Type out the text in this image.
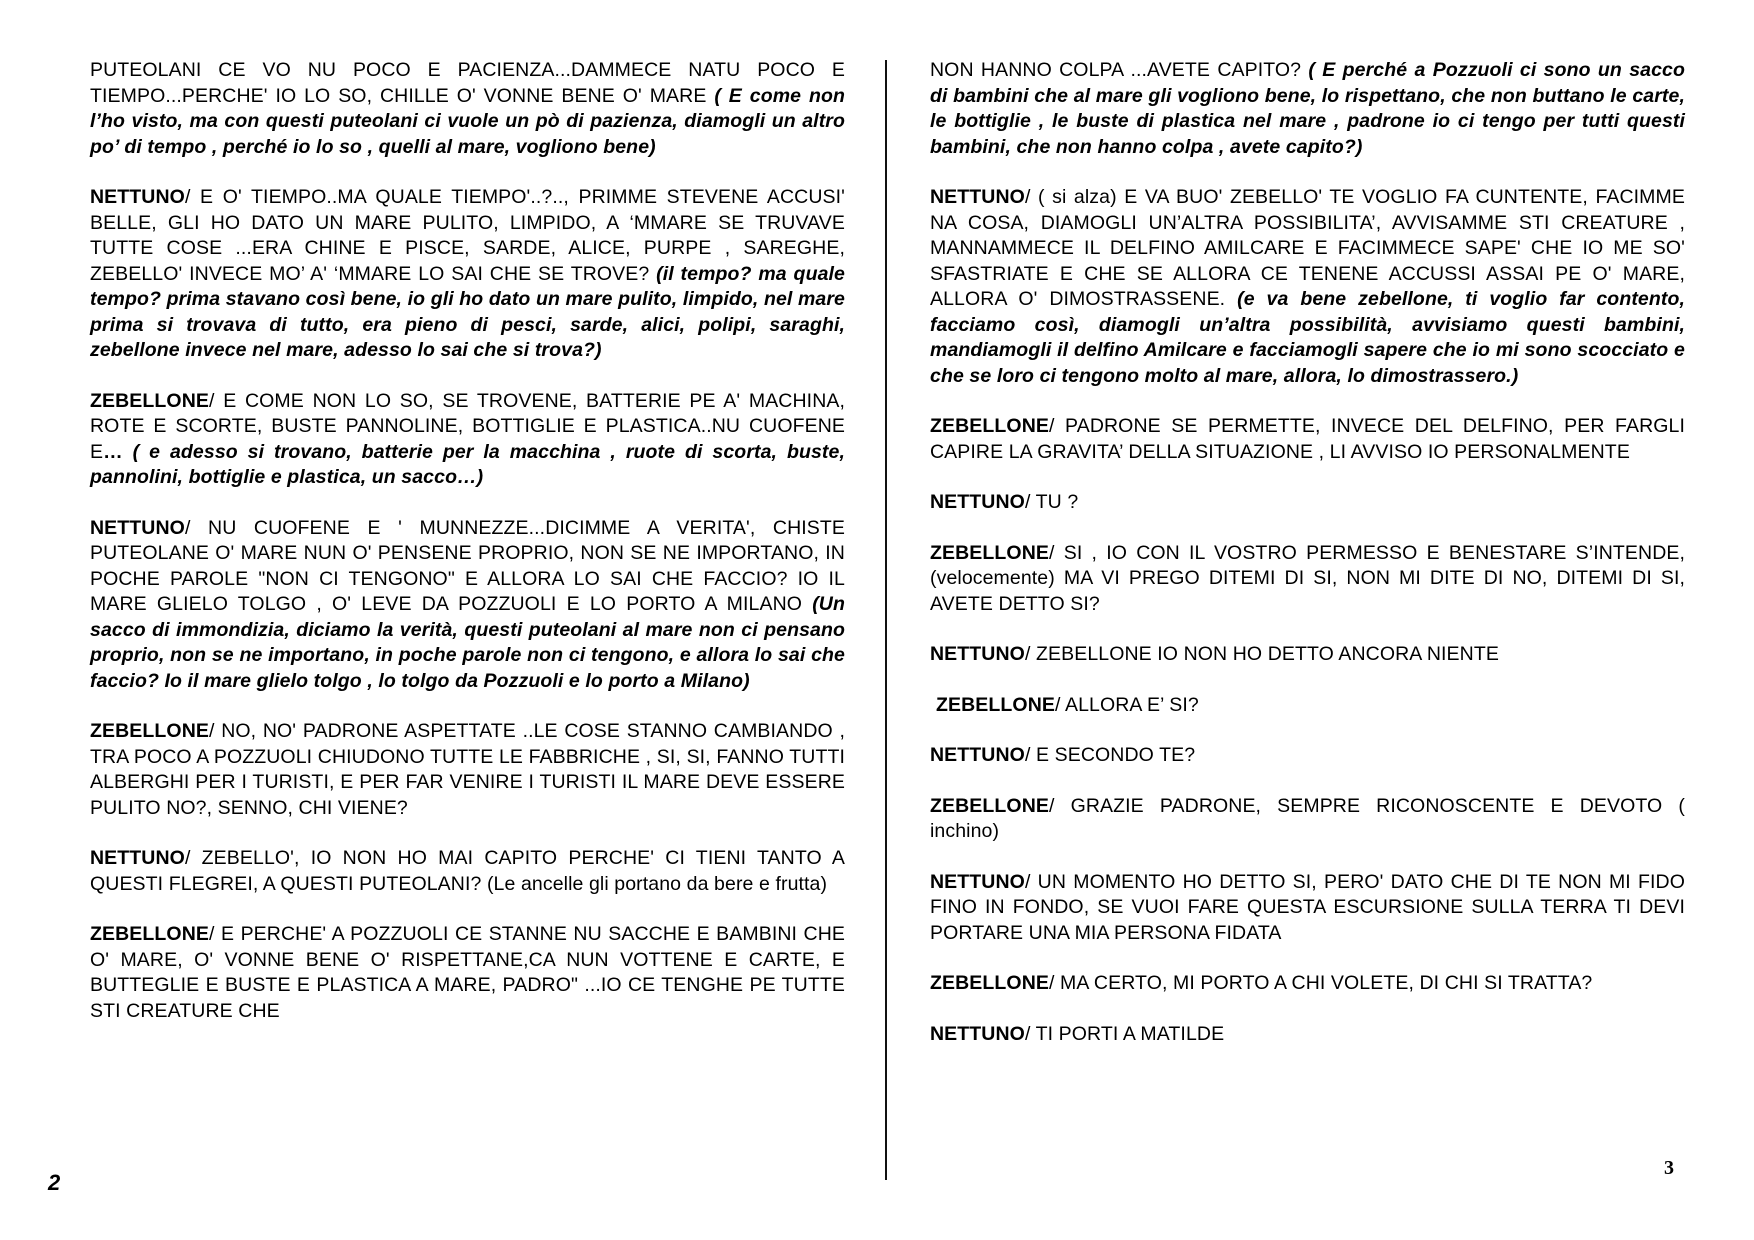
PUTEOLANI CE VO NU POCO E PACIENZA...DAMMECE NATU POCO E TIEMPO...PERCHE' IO LO SO, CHILLE O' VONNE BENE O' MARE ( E come non l’ho visto, ma con questi puteolani ci vuole un pò di pazienza, diamogli un altro po’ di tempo , perché io lo so , quelli al mare, vogliono bene)

NETTUNO/ E O' TIEMPO..MA QUALE TIEMPO'..?.., PRIMME STEVENE ACCUSI' BELLE, GLI HO DATO UN MARE PULITO, LIMPIDO, A ‘MMARE SE TRUVAVE TUTTE COSE ...ERA CHINE E PISCE, SARDE, ALICE, PURPE , SAREGHE, ZEBELLO' INVECE MO’ A' ‘MMARE LO SAI CHE SE TROVE? (il tempo? ma quale tempo? prima stavano così bene, io gli ho dato un mare pulito, limpido, nel mare prima si trovava di tutto, era pieno di pesci, sarde, alici, polipi, saraghi, zebellone invece nel mare, adesso lo sai che si trova?)

ZEBELLONE/ E COME NON LO SO, SE TROVENE, BATTERIE PE A' MACHINA, ROTE E SCORTE, BUSTE PANNOLINE, BOTTIGLIE E PLASTICA..NU CUOFENE E… ( e adesso si trovano, batterie per la macchina , ruote di scorta, buste, pannolini, bottiglie e plastica, un sacco…)

NETTUNO/ NU CUOFENE E ' MUNNEZZE...DICIMME A VERITA', CHISTE PUTEOLANE O' MARE NUN O' PENSENE PROPRIO, NON SE NE IMPORTANO, IN POCHE PAROLE "NON CI TENGONO" E ALLORA LO SAI CHE FACCIO? IO IL MARE GLIELO TOLGO , O' LEVE DA POZZUOLI E LO PORTO A MILANO (Un sacco di immondizia, diciamo la verità, questi puteolani al mare non ci pensano proprio, non se ne importano, in poche parole non ci tengono, e allora lo sai che faccio? Io il mare glielo tolgo , lo tolgo da Pozzuoli e lo porto a Milano)

ZEBELLONE/ NO, NO' PADRONE ASPETTATE ..LE COSE STANNO CAMBIANDO , TRA POCO A POZZUOLI CHIUDONO TUTTE LE FABBRICHE , SI, SI, FANNO TUTTI ALBERGHI PER I TURISTI, E PER FAR VENIRE I TURISTI IL MARE DEVE ESSERE PULITO NO?, SENNO, CHI VIENE?

NETTUNO/ ZEBELLO', IO NON HO MAI CAPITO PERCHE' CI TIENI TANTO A QUESTI FLEGREI, A QUESTI PUTEOLANI? (Le ancelle gli portano da bere e frutta)

ZEBELLONE/ E PERCHE' A POZZUOLI CE STANNE NU SACCHE E BAMBINI CHE O' MARE, O' VONNE BENE O' RISPETTANE,CA NUN VOTTENE E CARTE, E BUTTEGLIE E BUSTE E PLASTICA A MARE, PADRO" ...IO CE TENGHE PE TUTTE STI CREATURE CHE

NON HANNO COLPA ...AVETE CAPITO? ( E perché a Pozzuoli ci sono un sacco di bambini che al mare gli vogliono bene, lo rispettano, che non buttano le carte, le bottiglie , le buste di plastica nel mare , padrone io ci tengo per tutti questi bambini, che non hanno colpa , avete capito?)

NETTUNO/ ( si alza) E VA BUO' ZEBELLO' TE VOGLIO FA CUNTENTE, FACIMME NA COSA, DIAMOGLI UN’ALTRA POSSIBILITA’, AVVISAMME STI CREATURE , MANNAMMECE IL DELFINO AMILCARE E FACIMMECE SAPE' CHE IO ME SO' SFASTRIATE E CHE SE ALLORA CE TENENE ACCUSSI ASSAI PE O' MARE, ALLORA O' DIMOSTRASSENE. (e va bene zebellone, ti voglio far contento, facciamo così, diamogli un’altra possibilità, avvisiamo questi bambini, mandiamogli il delfino Amilcare e facciamogli sapere che io mi sono scocciato e che se loro ci tengono molto al mare, allora, lo dimostrassero.)

ZEBELLONE/ PADRONE SE PERMETTE, INVECE DEL DELFINO, PER FARGLI CAPIRE LA GRAVITA’ DELLA SITUAZIONE , LI AVVISO IO PERSONALMENTE

NETTUNO/ TU ?

ZEBELLONE/ SI , IO CON IL VOSTRO PERMESSO E BENESTARE S’INTENDE, (velocemente) MA VI PREGO DITEMI DI SI, NON MI DITE DI NO, DITEMI DI SI, AVETE DETTO SI?

NETTUNO/ ZEBELLONE IO NON HO DETTO ANCORA NIENTE

ZEBELLONE/ ALLORA E’ SI?

NETTUNO/ E SECONDO TE?

ZEBELLONE/ GRAZIE PADRONE, SEMPRE RICONOSCENTE E DEVOTO ( inchino)

NETTUNO/ UN MOMENTO HO DETTO SI, PERO' DATO CHE DI TE NON MI FIDO FINO IN FONDO, SE VUOI FARE QUESTA ESCURSIONE SULLA TERRA TI DEVI PORTARE UNA MIA PERSONA FIDATA

ZEBELLONE/ MA CERTO, MI PORTO A CHI VOLETE, DI CHI SI TRATTA?

NETTUNO/ TI PORTI A MATILDE

2
3
